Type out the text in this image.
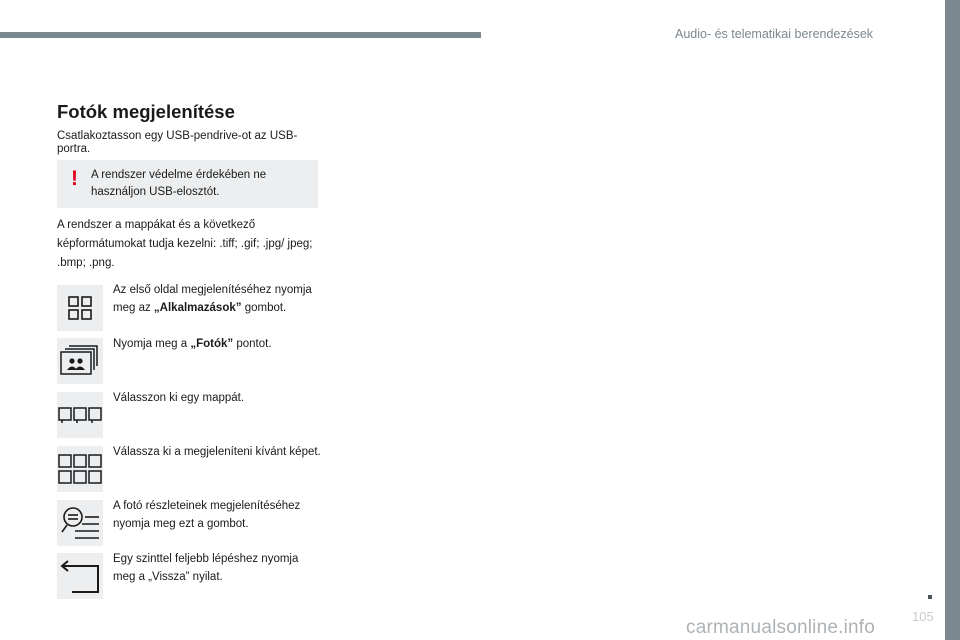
Audio- és telematikai berendezések
105
carmanualsonline.info
Fotók megjelenítése
Csatlakoztasson egy USB-pendrive-ot az USB-portra.
! A rendszer védelme érdekében ne használjon USB-elosztót.
A rendszer a mappákat és a következő képformátumokat tudja kezelni: .tiff; .gif; .jpg/ jpeg; .bmp; .png.
Az első oldal megjelenítéséhez nyomja meg az „Alkalmazások” gombot.
Nyomja meg a „Fotók” pontot.
Válasszon ki egy mappát.
Válassza ki a megjeleníteni kívánt képet.
A fotó részleteinek megjelenítéséhez nyomja meg ezt a gombot.
Egy szinttel feljebb lépéshez nyomja meg a „Vissza” nyilat.
